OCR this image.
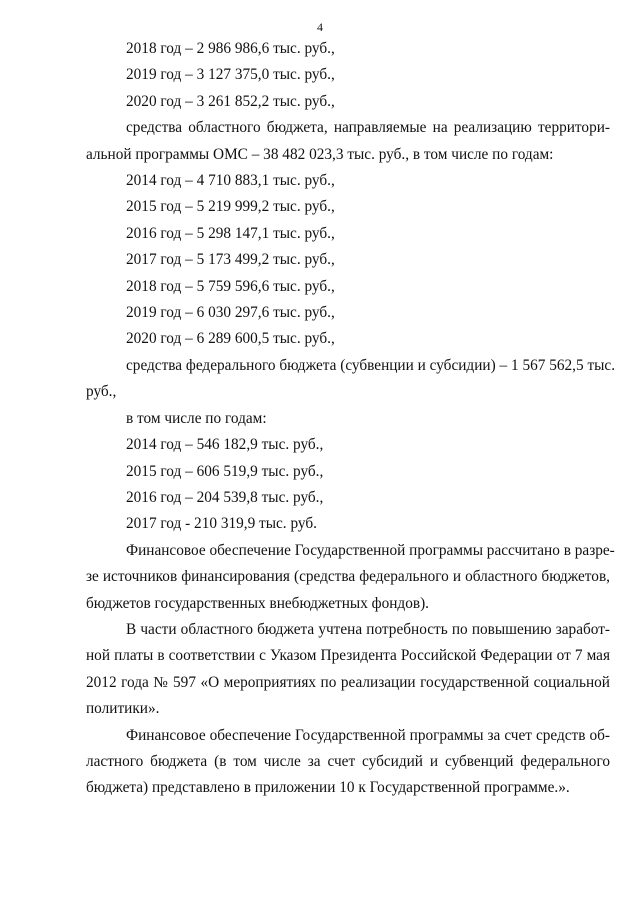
4
2018 год – 2 986 986,6 тыс. руб.,
2019 год – 3 127 375,0 тыс. руб.,
2020 год – 3 261 852,2 тыс. руб.,
средства областного бюджета, направляемые на реализацию территори-
альной программы ОМС – 38 482 023,3 тыс. руб., в том числе по годам:
2014 год – 4 710 883,1 тыс. руб.,
2015 год – 5 219 999,2 тыс. руб.,
2016 год – 5 298 147,1 тыс. руб.,
2017 год – 5 173 499,2 тыс. руб.,
2018 год – 5 759 596,6 тыс. руб.,
2019 год – 6 030 297,6 тыс. руб.,
2020 год – 6 289 600,5 тыс. руб.,
средства федерального бюджета (субвенции и субсидии) – 1 567 562,5 тыс.
руб.,
в том числе по годам:
2014 год – 546 182,9 тыс. руб.,
2015 год – 606 519,9 тыс. руб.,
2016 год – 204 539,8 тыс. руб.,
2017 год - 210 319,9 тыс. руб.
Финансовое обеспечение Государственной программы рассчитано в разре-
зе источников финансирования (средства федерального и областного бюджетов,
бюджетов государственных внебюджетных фондов).
В части областного бюджета учтена потребность по повышению заработ-
ной платы в соответствии с Указом Президента Российской Федерации от 7 мая
2012 года № 597 «О мероприятиях по реализации государственной социальной
политики».
Финансовое обеспечение Государственной программы за счет средств об-
ластного бюджета (в том числе за счет субсидий и субвенций федерального
бюджета) представлено в приложении 10 к Государственной программе.».
